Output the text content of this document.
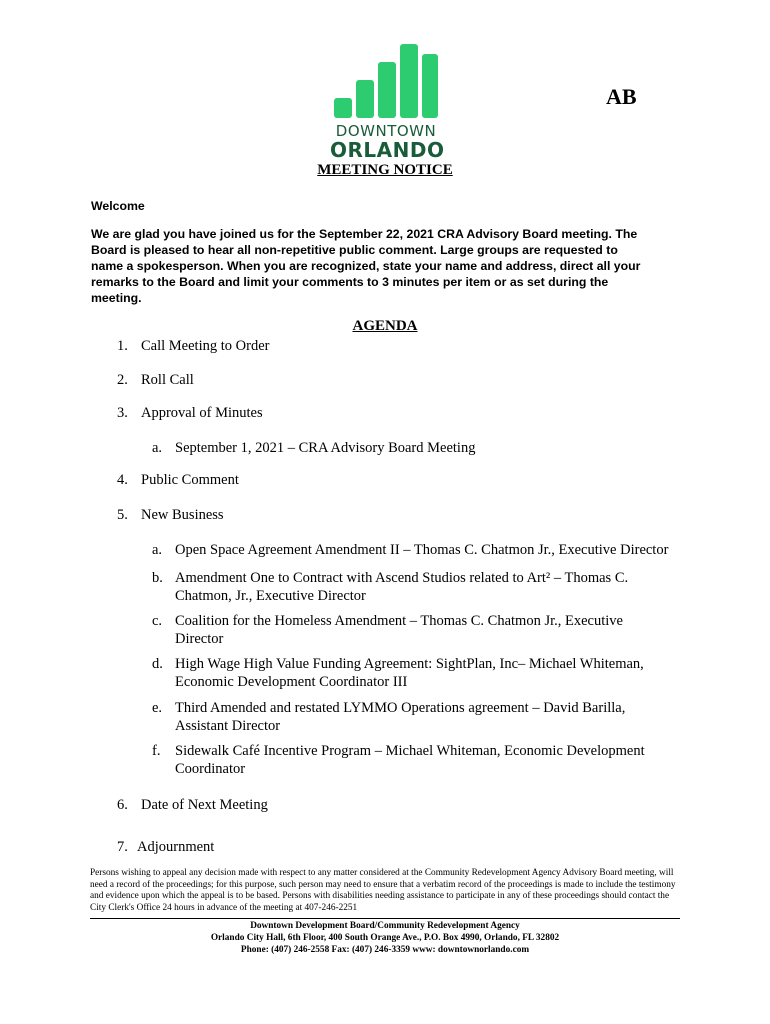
DOWNTOWN
ORLANDO
AB
MEETING NOTICE
Welcome
We are glad you have joined us for the September 22, 2021 CRA Advisory Board meeting. The Board is pleased to hear all non-repetitive public comment. Large groups are requested to name a spokesperson. When you are recognized, state your name and address, direct all your remarks to the Board and limit your comments to 3 minutes per item or as set during the meeting.
AGENDA
1. Call Meeting to Order
2. Roll Call
3. Approval of Minutes
a. September 1, 2021 – CRA Advisory Board Meeting
4. Public Comment
5. New Business
a. Open Space Agreement Amendment II – Thomas C. Chatmon Jr., Executive Director
b. Amendment One to Contract with Ascend Studios related to Art² – Thomas C. Chatmon, Jr., Executive Director
c. Coalition for the Homeless Amendment – Thomas C. Chatmon Jr., Executive Director
d. High Wage High Value Funding Agreement: SightPlan, Inc– Michael Whiteman, Economic Development Coordinator III
e. Third Amended and restated LYMMO Operations agreement – David Barilla, Assistant Director
f. Sidewalk Café Incentive Program – Michael Whiteman, Economic Development Coordinator
6. Date of Next Meeting
7. Adjournment
Persons wishing to appeal any decision made with respect to any matter considered at the Community Redevelopment Agency Advisory Board meeting, will need a record of the proceedings; for this purpose, such person may need to ensure that a verbatim record of the proceedings is made to include the testimony and evidence upon which the appeal is to be based. Persons with disabilities needing assistance to participate in any of these proceedings should contact the City Clerk's Office 24 hours in advance of the meeting at 407-246-2251
Downtown Development Board/Community Redevelopment Agency
Orlando City Hall, 6th Floor, 400 South Orange Ave., P.O. Box 4990, Orlando, FL 32802
Phone: (407) 246-2558 Fax: (407) 246-3359 www: downtownorlando.com
